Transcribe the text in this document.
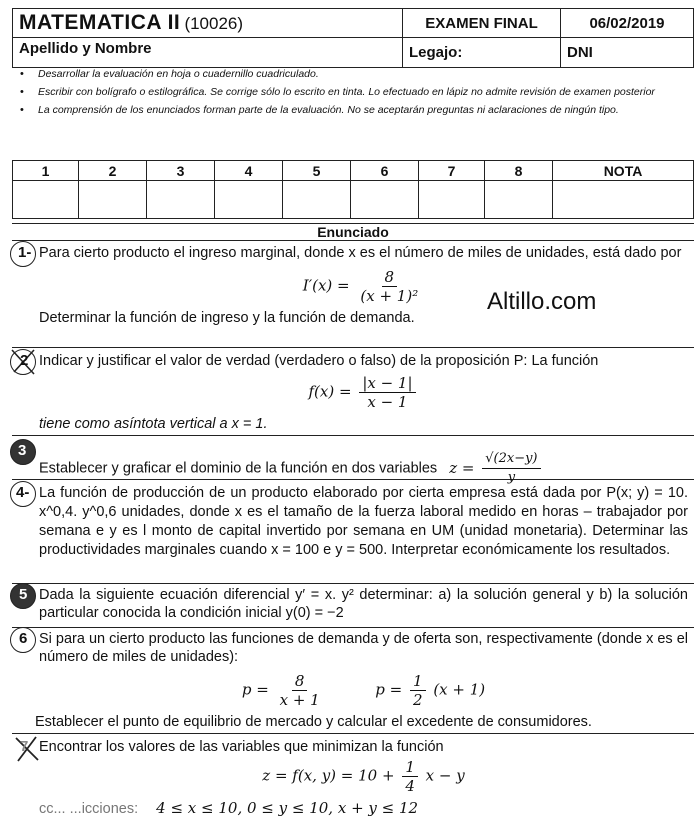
MATEMATICA II (10026)	EXAMEN FINAL	06/02/2019
Apellido y Nombre	Legajo:	DNI
•	Desarrollar la evaluación en hoja o cuadernillo cuadriculado.
•	Escribir con bolígrafo o estilográfica. Se corrige sólo lo escrito en tinta. Lo efectuado en lápiz no admite revisión de examen posterior
•	La comprensión de los enunciados forman parte de la evaluación. No se aceptarán preguntas ni aclaraciones de ningún tipo.
1	2	3	4	5	6	7	8	NOTA

Enunciado
Altillo.com
1- Para cierto producto el ingreso marginal, donde x es el número de miles de unidades, está dado por
$I'(x) = \frac{8}{\text{(x + 1)²}}$
Determinar la función de ingreso y la función de demanda.
2 Indicar y justificar el valor de verdad (verdadero o falso) de la proposición P: La función
$f(x) = \frac{|x - 1|}{x - 1}$
tiene como asíntota vertical a x = 1.
3
Establecer y graficar el dominio de la función en dos variables $z = \frac{√(2x-y)}{y}$
4- La función de producción de un producto elaborado por cierta empresa está dada por P(x; y) = 10. x^0,4. y^0,6 unidades, donde x es el tamaño de la fuerza laboral medido en horas – trabajador por semana e y es l monto de capital invertido por semana en UM (unidad monetaria). Determinar las productividades marginales cuando x = 100 e y = 500. Interpretar económicamente los resultados.
5 Dada la siguiente ecuación diferencial y′ = x. y² determinar: a) la solución general y b) la solución particular conocida la condición inicial y(0) = −2
6 Si para un cierto producto las funciones de demanda y de oferta son, respectivamente (donde x es el número de miles de unidades):
$p = \frac{8}{x + 1}$	$p = \frac{1}{2} (x + 1)$
Establecer el punto de equilibrio de mercado y calcular el excedente de consumidores.
7 Encontrar los valores de las variables que minimizan la función
z = f(x, $y) = 10 + \frac{1}{4}$ x − y
cc... ...icciones: 4 ≤ x ≤ 10, 0 ≤ y ≤ 10, x + y ≤ 12
